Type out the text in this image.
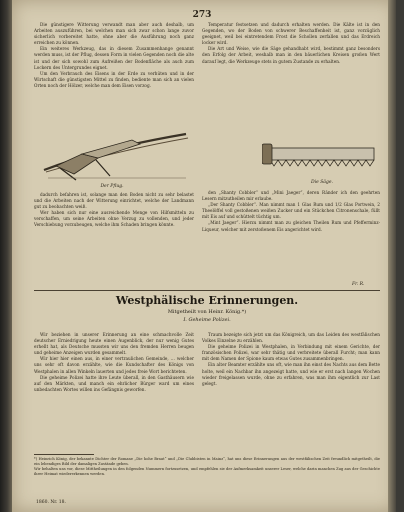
273

Die günstigere Witterung verwandt man aber auch deshalb, um Arbeiten auszuführen, bei welchen man sich zwar schon lange zuvor sicherlich vorbereitet hatte, ohne aber die Ausführung noch ganz erreichen zu können.

Ein weiteres Werkzeug, das in diesem Zusammenhange genannt werden muss, ist der Pflug, dessen Form in vielen Gegenden noch die alte ist und der sich sowohl zum Aufreißen der Bodenfläche als auch zum Lockern des Untergrundes eignet.

Um den Verbrauch des Eisens in der Erde zu verhüten und in der Wirtschaft die günstigsten Mittel zu finden, bediente man sich an vielen Orten noch der Hölzer, welche man dem Eisen vorzog.

Der Pflug.

dadurch befahren ist, solange man den Boden nicht zu sehr belastet und die Arbeiten nach der Witterung einrichtet, welche der Landmann gut zu beobachten weiß.

Wer haben sich nur eine ausreichende Menge von Hilfsmitteln zu verschaffen, um seine Arbeiten ohne Verzug zu vollenden, und jeder Verschiebung vorzubeugen, welche ihm Schaden bringen könnte.

Temperatur festsetzen und dadurch erhalten werden. Die Kälte ist in den Gegenden, wo der Boden von schwerer Beschaffenheit ist, ganz vorzüglich geeignet, weil bei eintretendem Frost die Schollen zerfallen und das Erdreich locker wird.

Die Art und Weise, wie die Säge gehandhabt wird, bestimmt ganz besonders den Erfolg der Arbeit, weshalb man in den bäuerlichen Kreisen großen Wert darauf legt, die Werkzeuge stets in gutem Zustande zu erhalten.

Die Säge.

den „Shanty Cobbler“ und „Mini Jaeger“, deren Ränder ich den geehrten Lesern mitzutheilen mir erlaube.

„Der Shanty Cobbler“. Man nimmt man 1 Glas Rum und 1/2 Glas Portwein, 2 Theelöffel voll gestoßenen weißen Zucker und ein Stückchen Citronenschale, füllt mit Eis auf und schüttelt tüchtig um.

„Mint Jaeger“. Hierzu nimmt man zu gleichen Theilen Rum und Pfefferminz-Liqueur, welcher mit zerstoßenem Eis angerichtet wird.

Fr. R.
Westphälische Erinnerungen.
Mitgetheilt von Heinr. König.*)
I. Geheime Polizei.

Wir beziehen in unserer Erinnerung an eine schmachvolle Zeit deutscher Erniedrigung heute einen Augenblick, der nur wenig Gutes erhellt hat, als Deutsche mussten wir uns den fremden Herren beugen und geheime Anzeigen wurden gesammelt.

Wir hier hier einen aus, in einer vertraulichen Gemeinde, ... welcher uns sehr oft davon erzählte, wie die Kundschafter des Königs von Westphalen in allen Winkeln lauerten und jedes freie Wort berichteten.

Die geheime Polizei hatte ihre Leute überall, in den Gasthäusern wie auf den Märkten, und manch ein ehrlicher Bürger ward um eines unbedachten Wortes willen ins Gefängnis geworfen.

Traum bezeigte sich jetzt um das Königreich, um das Leiden des westfälischen Volkes Einzelne zu erzählen.

Die geheime Polizei in Westphalen, in Verbindung mit einem Gerichte, der französischen Polizei, war sehr thätig und verbreitete überall Furcht; man kann mit dem Namen der Spione kaum etwas Gutes zusammenbringen.

Ein alter Beamter erzählte uns oft, wie man ihn einst des Nachts aus dem Bette holte, weil ein Nachbar ihn angezeigt hatte, und wie er erst nach langen Wochen wieder freigelassen wurde, ohne zu erfahren, was man ihm eigentlich zur Last gelegt.

*) Heinrich König, der bekannte Dichter der Romane „Die hohe Braut“ und „Die Clubbisten in Mainz“, hat uns diese Erinnerungen aus der westfälischen Zeit freundlich mitgetheilt, die ein lebendiges Bild der damaligen Zustände geben.

Wir behalten uns vor, diese Mittheilungen in den folgenden Nummern fortzusetzen, und empfehlen sie der Aufmerksamkeit unserer Leser, welche darin manchen Zug aus der Geschichte ihrer Heimat wiedererkennen werden.

1860. Nr. 18.
